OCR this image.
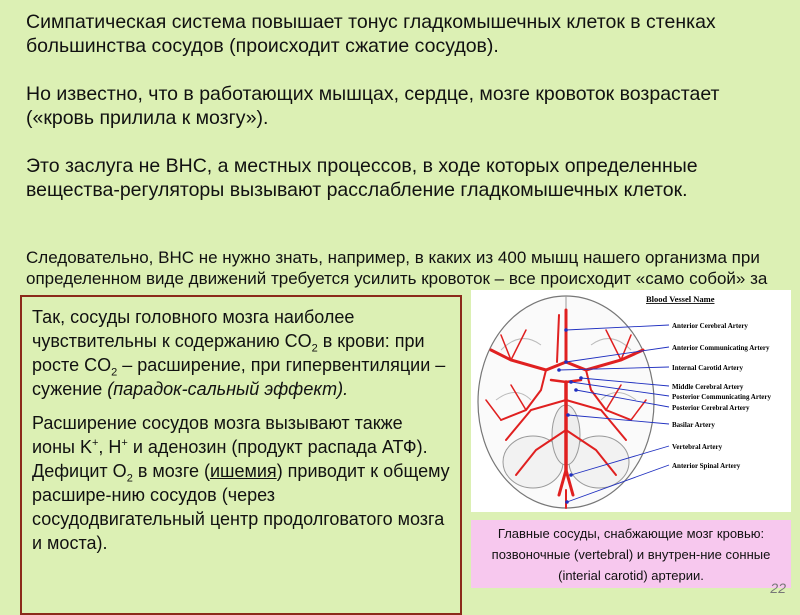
Симпатическая система повышает тонус гладкомышечных клеток в стенках большинства сосудов (происходит сжатие сосудов).

Но известно, что в работающих мышцах, сердце, мозге кровоток возрастает («кровь прилила к мозгу»).

Это заслуга не ВНС, а местных процессов, в ходе которых определенные вещества-регуляторы вызывают расслабление гладкомышечных клеток.

Следовательно, ВНС не нужно знать, например, в каких из 400 мышц нашего организма при определенном виде движений требуется усилить кровоток – все происходит «само собой» за

Так, сосуды головного мозга наиболее чувствительны к содержанию $CO_2$ в крови: при росте $CO_2$ – расширение, при гипервентиляции – сужение (парадок-сальный эффект).

Расширение сосудов мозга вызывают также ионы K+, H+ и аденозин (продукт распада АТФ). Дефицит $O_2$ в мозге (ишемия) приводит к общему расшире-нию сосудов (через сосудодвигательный центр продолговатого мозга и моста).

Blood Vessel Name
Anterior Cerebral Artery
Anterior Communicating Artery
Internal Carotid Artery
Middle Cerebral Artery
Posterior Communicating Artery
Posterior Cerebral Artery
Basilar Artery
Vertebral Artery
Anterior Spinal Artery
Главные сосуды, снабжающие мозг кровью: позвоночные (vertebral) и внутрен-ние сонные (interial carotid) артерии.
22
